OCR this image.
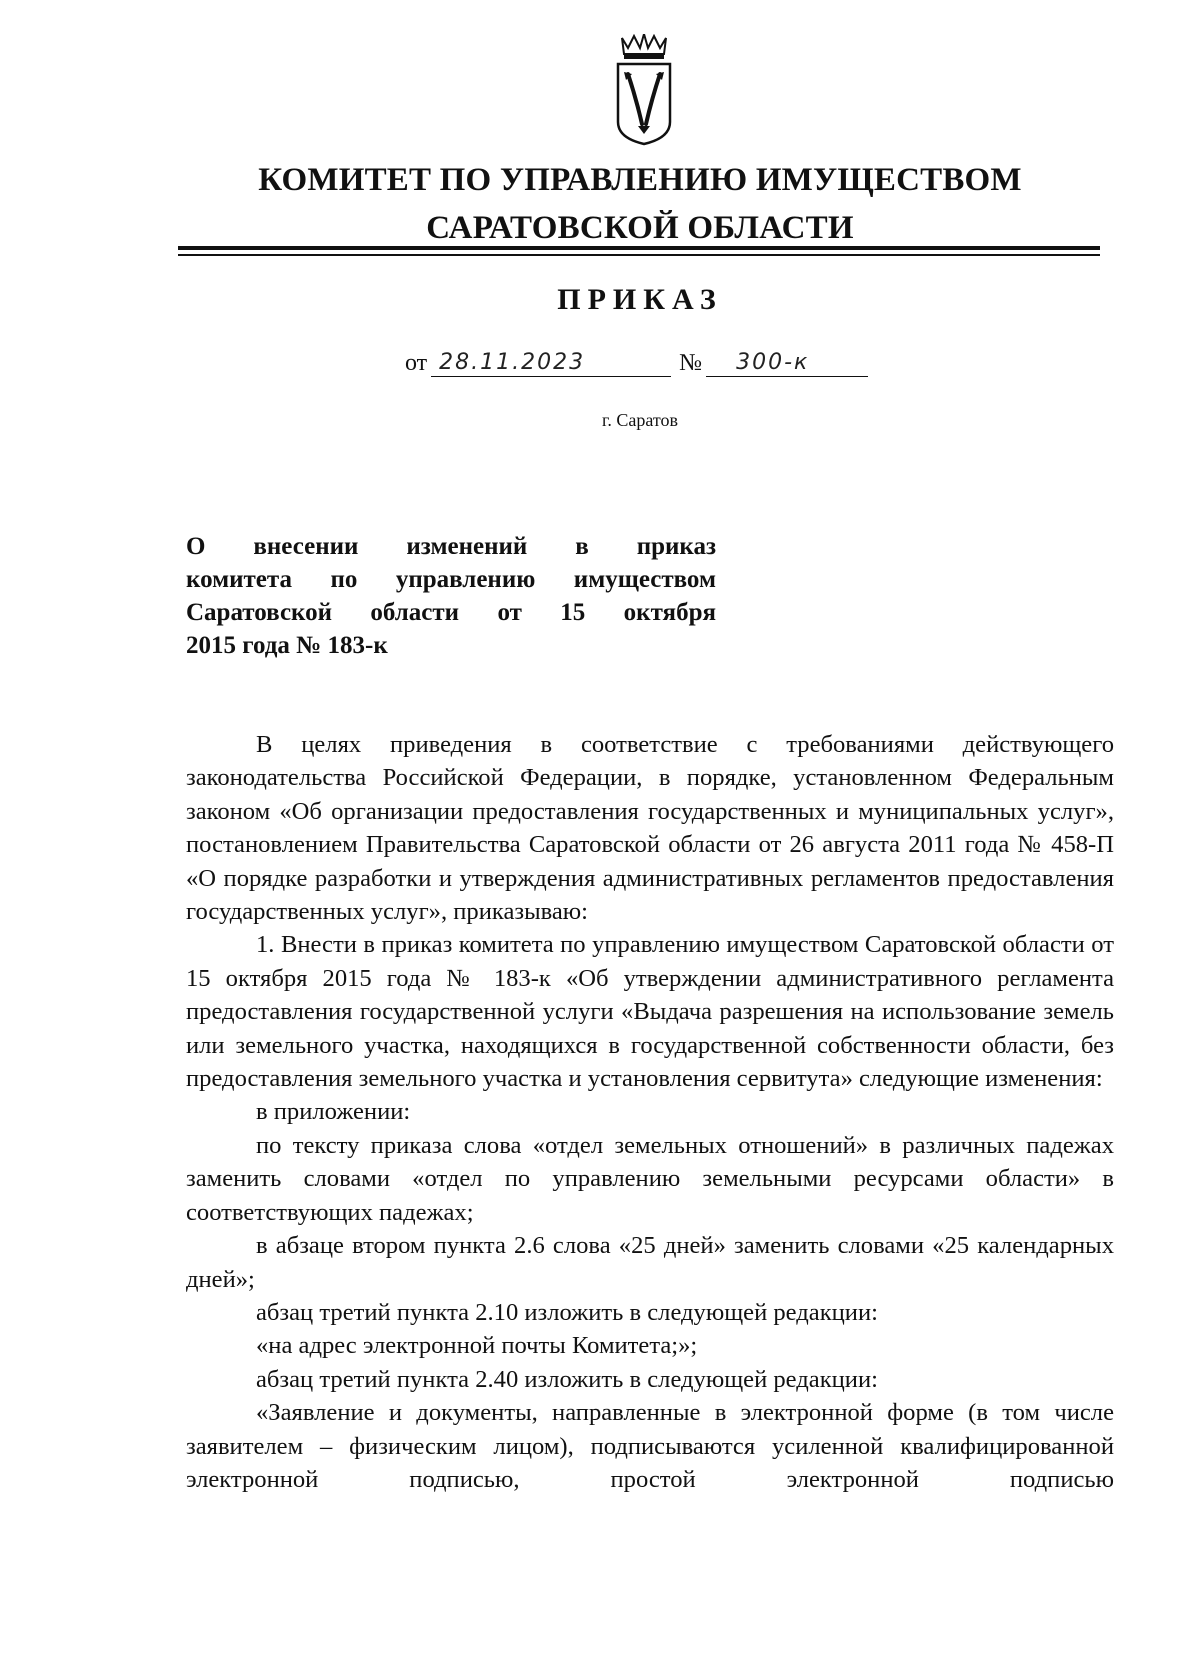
КОМИТЕТ ПО УПРАВЛЕНИЮ ИМУЩЕСТВОМ
САРАТОВСКОЙ ОБЛАСТИ
ПРИКАЗ
от 28.11.2023	№	300-к
г. Саратов
О внесении изменений в приказ
комитета по управлению имуществом
Саратовской области от 15 октября
2015 года № 183-к

В целях приведения в соответствие с требованиями действующего законодательства Российской Федерации, в порядке, установленном Федеральным законом «Об организации предоставления государственных и муниципальных услуг», постановлением Правительства Саратовской области от 26 августа 2011 года № 458-П «О порядке разработки и утверждения административных регламентов предоставления государственных услуг», приказываю:

1. Внести в приказ комитета по управлению имуществом Саратовской области от 15 октября 2015 года № 183-к «Об утверждении административного регламента предоставления государственной услуги «Выдача разрешения на использование земель или земельного участка, находящихся в государственной собственности области, без предоставления земельного участка и установления сервитута» следующие изменения:

в приложении:

по тексту приказа слова «отдел земельных отношений» в различных падежах заменить словами «отдел по управлению земельными ресурсами области» в соответствующих падежах;

в абзаце втором пункта 2.6 слова «25 дней» заменить словами «25 календарных дней»;

абзац третий пункта 2.10 изложить в следующей редакции:

«на адрес электронной почты Комитета;»;

абзац третий пункта 2.40 изложить в следующей редакции:

«Заявление и документы, направленные в электронной форме (в том числе заявителем – физическим лицом), подписываются усиленной квалифицированной электронной подписью, простой электронной подписью
